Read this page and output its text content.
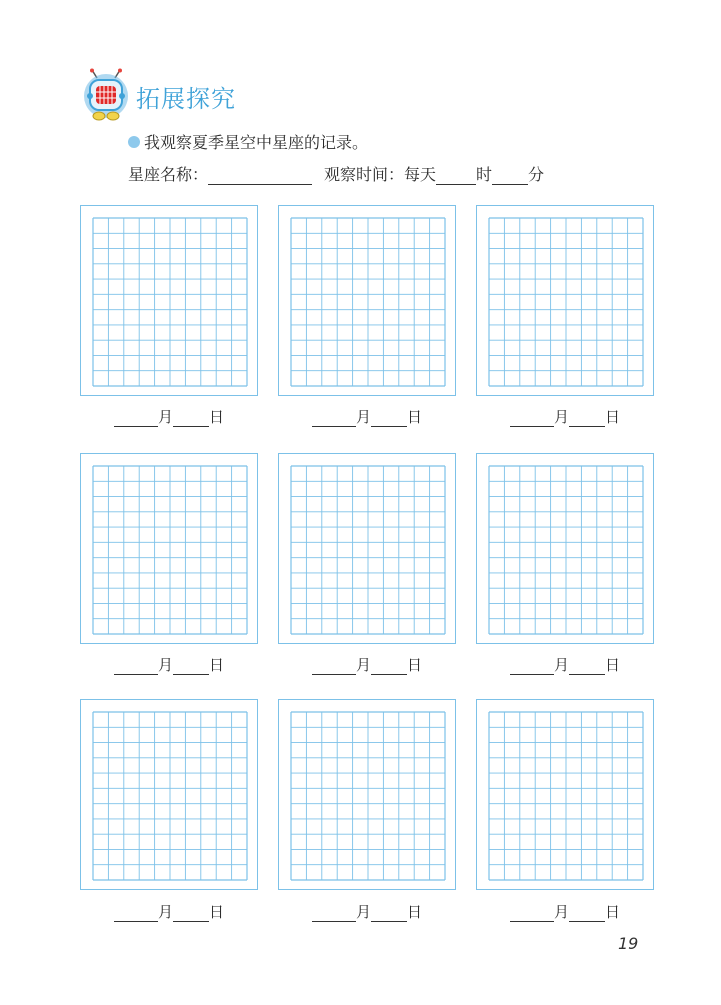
拓展探究
我观察夏季星空中星座的记录。
星座名称：	观察时间：每天	时 分
月 日	月 日	月 日
月 日	月 日	月 日
月 日	月 日	月 日
19
